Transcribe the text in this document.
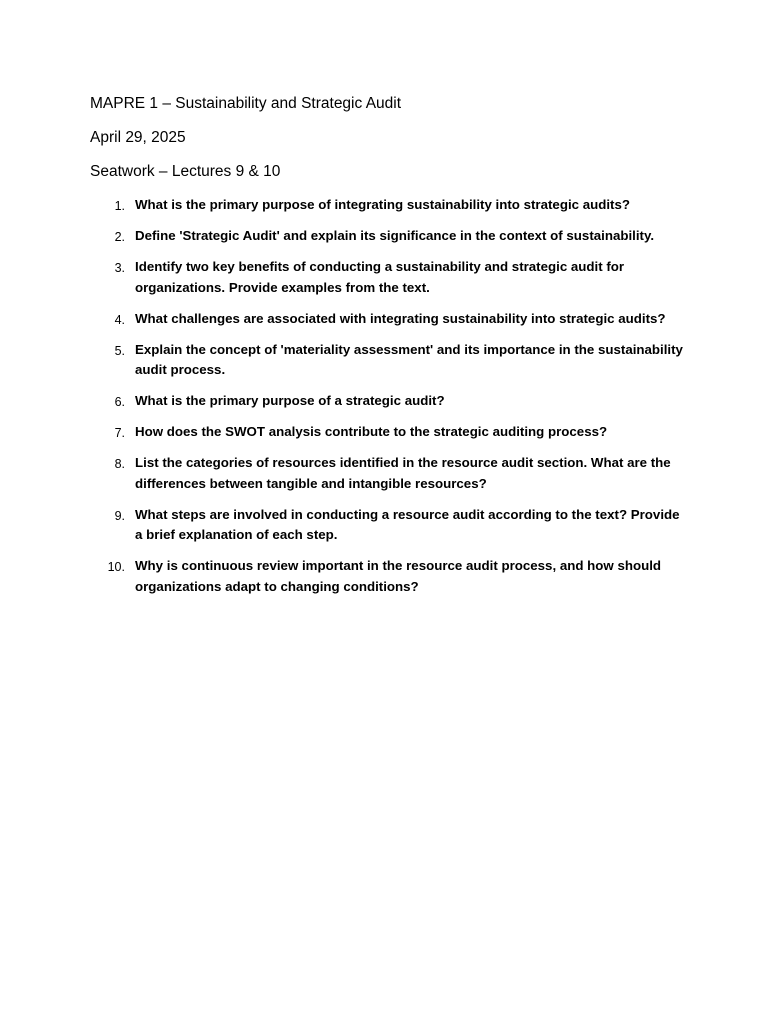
MAPRE 1 – Sustainability and Strategic Audit
April 29, 2025
Seatwork – Lectures 9 & 10
1. What is the primary purpose of integrating sustainability into strategic audits?
2. Define 'Strategic Audit' and explain its significance in the context of sustainability.
3. Identify two key benefits of conducting a sustainability and strategic audit for organizations. Provide examples from the text.
4. What challenges are associated with integrating sustainability into strategic audits?
5. Explain the concept of 'materiality assessment' and its importance in the sustainability audit process.
6. What is the primary purpose of a strategic audit?
7. How does the SWOT analysis contribute to the strategic auditing process?
8. List the categories of resources identified in the resource audit section. What are the differences between tangible and intangible resources?
9. What steps are involved in conducting a resource audit according to the text? Provide a brief explanation of each step.
10. Why is continuous review important in the resource audit process, and how should organizations adapt to changing conditions?
